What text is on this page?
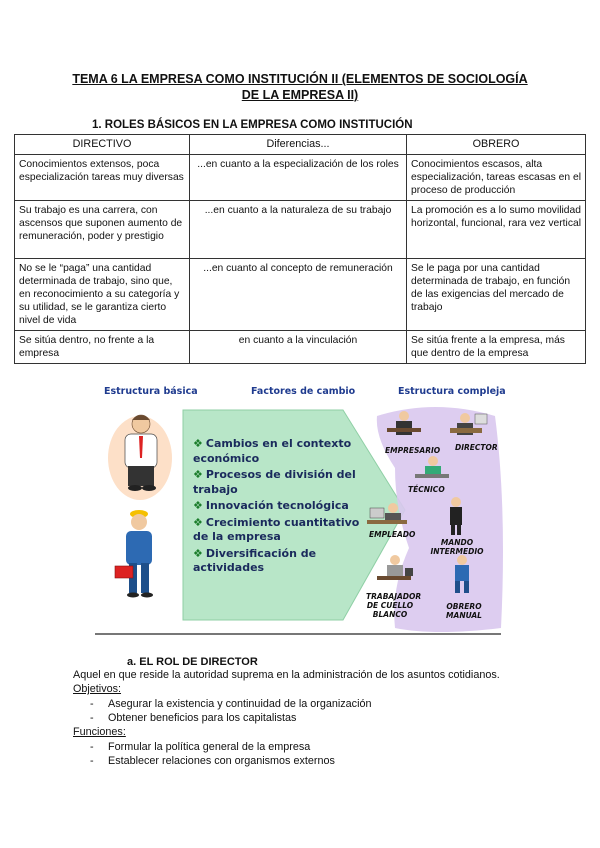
TEMA 6 LA EMPRESA COMO INSTITUCIÓN II (ELEMENTOS DE SOCIOLOGÍA
DE LA EMPRESA II)
1. ROLES BÁSICOS EN LA EMPRESA COMO INSTITUCIÓN
DIRECTIVO	Diferencias...	OBRERO
Conocimientos extensos, poca especialización tareas muy diversas	...en cuanto a la especialización de los roles	Conocimientos escasos, alta especialización, tareas escasas en el proceso de producción
Su trabajo es una carrera, con ascensos que suponen aumento de remuneración, poder y prestigio	...en cuanto a la naturaleza de su trabajo	La promoción es a lo sumo movilidad horizontal, funcional, rara vez vertical
No se le “paga” una cantidad determinada de trabajo, sino que, en reconocimiento a su categoría y su utilidad, se le garantiza cierto nivel de vida	...en cuanto al concepto de remuneración	Se le paga por una cantidad determinada de trabajo, en función de las exigencias del mercado de trabajo
Se sitúa dentro, no frente a la empresa	en cuanto a la vinculación	Se sitúa frente a la empresa, más que dentro de la empresa
Estructura básica	Factores de cambio	Estructura compleja
❖ Cambios en el contexto económico
❖ Procesos de división del trabajo
❖ Innovación tecnológica
❖ Crecimiento cuantitativo de la empresa
❖ Diversificación de actividades
EMPRESARIO DIRECTOR
TÉCNICO
EMPLEADO
MANDO INTERMEDIO
TRABAJADOR DE CUELLO BLANCO
OBRERO MANUAL
a. EL ROL DE DIRECTOR
Aquel en que reside la autoridad suprema en la administración de los asuntos cotidianos.
Objetivos:
- Asegurar la existencia y continuidad de la organización
- Obtener beneficios para los capitalistas
Funciones:
- Formular la política general de la empresa
- Establecer relaciones con organismos externos
